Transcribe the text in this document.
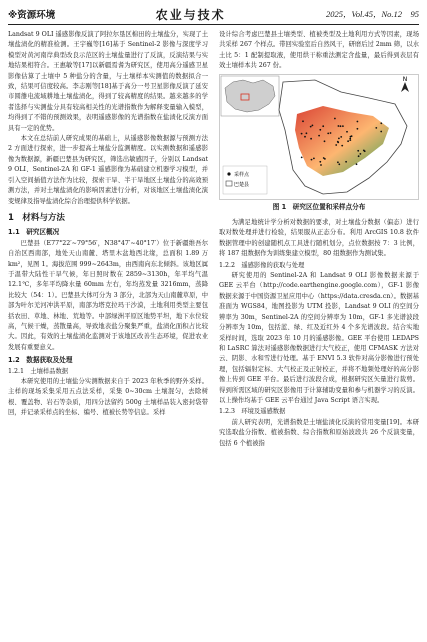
※资源环境	农业与技术	2025，Vol.45，No.12　95

Landsat 9 OLI 遥感影像反演了阿拉尔垦区棉田的土壤盐分，实现了土壤盐渍化的精准检测。王宇巍等[16]基于 Sentinel-2 影像与深度学习模型对黄河南岸典型改良示范区的土壤盐量进行了反演，反演结果与实地结果相符合。王惠敏等[17]以新疆焉耆为研究区，使用高分遥感卫星影像估算了土壤中 5 种盐分的含量，与土壤样本实测值的数据拟合一致，结果可信度较高。李志刚等[18]基于高分一号卫星影像反演了延安市圆雒电流域耕地土壤盐渍化，得到了较高精度的结果。越来越多的学者选择与实测盐分具有较高相关性的光谱指数作为解释变量输入模型，均得到了不错的预测效果，表明遥感影像的光谱指数在盐渍化反演方面具有一定的优势。

本文在总结前人研究成果的基础上，从遥感影像数据源与预测方法 2 方面进行探索，进一步提高土壤盐分监测精度。以实测数据和遥感影像为数据源，新疆巴楚县为研究区，筛选出敏感因子，分别以 Landsat 9 OLI、Sentinel-2A 和 GF-1 遥感影像为基础建立机器学习模型，并引入空间插值方法作为比较，探索干旱、半干旱地区土壤盐分的高效预测方法，并对土壤盐渍化的影响因素进行分析，对该地区土壤盐渍化演变规律及指导盐渍化综合治理提供科学依据。

1　材料与方法
1.1　研究区概况

巴楚县（E77°22′~79°56′，N38°47′~40°17′）位于新疆维吾尔自治区西南部，地处天山南麓、塔里木盆地西北缘，总面积 1.89 万 km²，见图 1。海拔范围 999~2643m，由西南向东北倾斜。该地区属于温带大陆性干旱气候，年日照时数在 2859~3130h，年平均气温 12.1℃，多年平均降水量 60mm 左右，年均蒸发量 3216mm，蒸降比较大（54：1）。巴楚县大体可分为 3 部分，北部为天山南麓草原，中部为叶尔羌河冲洪平原，南部为塔克拉玛干沙漠，土地利用类型主要包括农田、草地、林地、荒地等。中部绿洲平原区地势平坦，地下水位较高，气候干燥，蒸散量高，导致地表盐分聚集严重，盐渍化面积占比较大。因此，有效的土壤盐渍化监测对于该地区改善生态环境，促进农业发展有重要意义。

1.2　数据获取及处理
1.2.1　土壤样品数据

本研究使用的土壤盐分实测数据来自于 2023 年秋季的野外采样。主样的现场采集采用五点法采样，采集 0~30cm 土壤混匀，去除树根、覆盖物、岩石等杂质，用四分法留约 500g 土壤样品装入密封袋带回，并记录采样点的坐标、编号、植被长势等信息。采样

设计综合考虑巴楚县土壤类型、植被类型及土地利用方式等因素，现场共采样 267 个样点。带回实验室后自然风干，研磨后过 2mm 筛，以水土比 5：1 配制提取液，使用烘干称重法测定含盐量，最后得到表层有效土壤样本共 267 份。

N
采样点
巴楚县
图 1　研究区位置和采样点分布

为满足地统计学分析对数据的要求，对土壤盐分数据（偏态）进行取对数处理并进行检验，结果服从正态分布。利用 ArcGIS 10.8 软件数据管理中的创建随机点工具进行随机划分，点位数据按 7：3 比例，将 187 组数据作为训练集建立模型，80 组数据作为测试集。

1.2.2　遥感影像的获取与处理

研究使用的 Sentinel-2A 和 Landsat 9 OLI 影像数据来源于 GEE 云平台（http://code.earthengine.google.com），GF-1 影像数据来源于中国资源卫星应用中心（https://data.cresda.cn）。数据基准面为 WGS84，地图投影为 UTM 投影，Landsat 9 OLI 的空间分辨率为 30m，Sentinel-2A 的空间分辨率为 10m，GF-1 多光谱波段分辨率为 10m，包括蓝、绿、红及近红外 4 个多光谱波段。结合实地采样时间，选取 2023 年 10 月的遥感影像。GEE 平台使用 LEDAPS 和 LaSRC 算法对遥感影像数据进行大气校正，使用 CFMASK 方法对云、阴影、水和雪进行处理。基于 ENVI 5.3 软件对高分影像进行预处理，包括辐射定标、大气校正及正射校正，并将不地频处理好的高分影像上传到 GEE 平台。最后进行波段合成，根据研究区矢量进行裁剪。得到所需区域的研究区影像用于计算辅助变量和参与机器学习的反演。以上操作均基于 GEE 云平台通过 Java Script 语言实现。

1.2.3　环境及遥感数据

前人研究表明，光谱指数是土壤盐渍化反演的常用变量[19]。本研究选取盐分指数、植被指数、综合指数和原始波段共 26 个反演变量，包括 6 个植被指
